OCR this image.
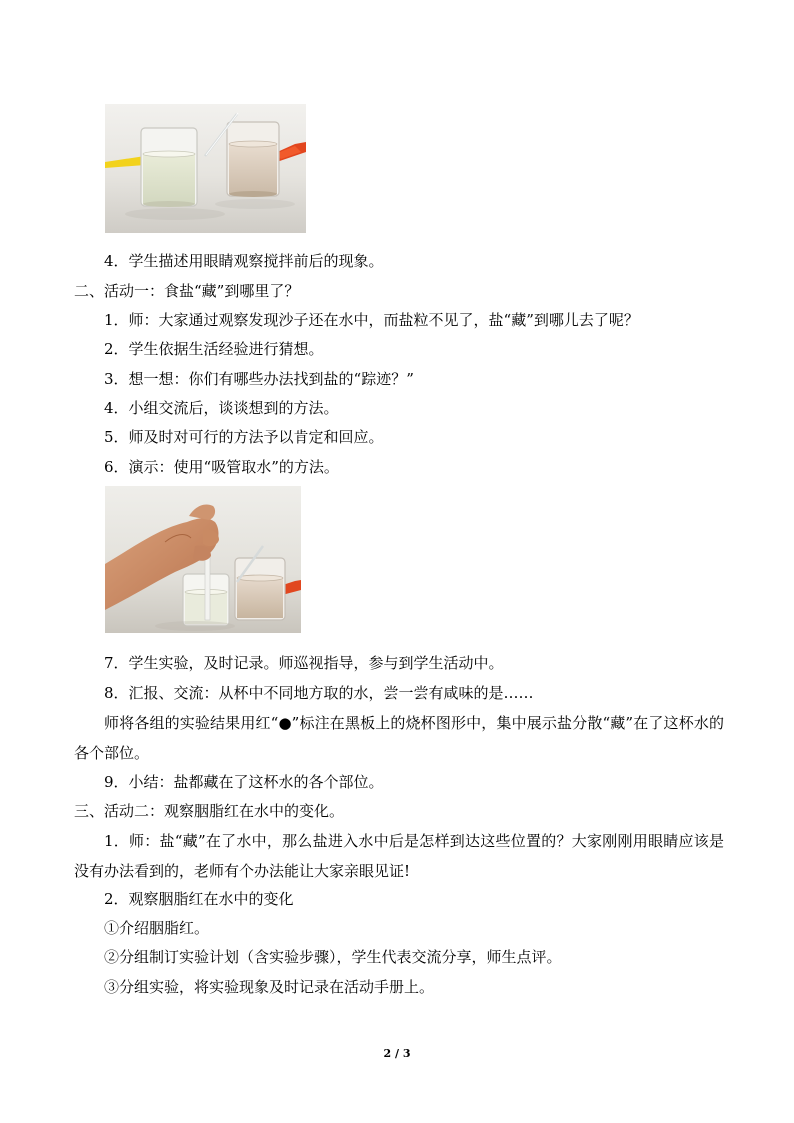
4．学生描述用眼睛观察搅拌前后的现象。
二、活动一：食盐“藏”到哪里了？
1．师：大家通过观察发现沙子还在水中，而盐粒不见了，盐“藏”到哪儿去了呢？
2．学生依据生活经验进行猜想。
3．想一想：你们有哪些办法找到盐的“踪迹？”
4．小组交流后，谈谈想到的方法。
5．师及时对可行的方法予以肯定和回应。
6．演示：使用“吸管取水”的方法。
7．学生实验，及时记录。师巡视指导，参与到学生活动中。
8．汇报、交流：从杯中不同地方取的水，尝一尝有咸味的是……
师将各组的实验结果用红“●”标注在黑板上的烧杯图形中，集中展示盐分散“藏”在了这杯水的各个部位。
9．小结：盐都藏在了这杯水的各个部位。
三、活动二：观察胭脂红在水中的变化。
1．师：盐“藏”在了水中，那么盐进入水中后是怎样到达这些位置的？大家刚刚用眼睛应该是没有办法看到的，老师有个办法能让大家亲眼见证!
2．观察胭脂红在水中的变化
①介绍胭脂红。
②分组制订实验计划（含实验步骤），学生代表交流分享，师生点评。
③分组实验，将实验现象及时记录在活动手册上。
2 / 3
